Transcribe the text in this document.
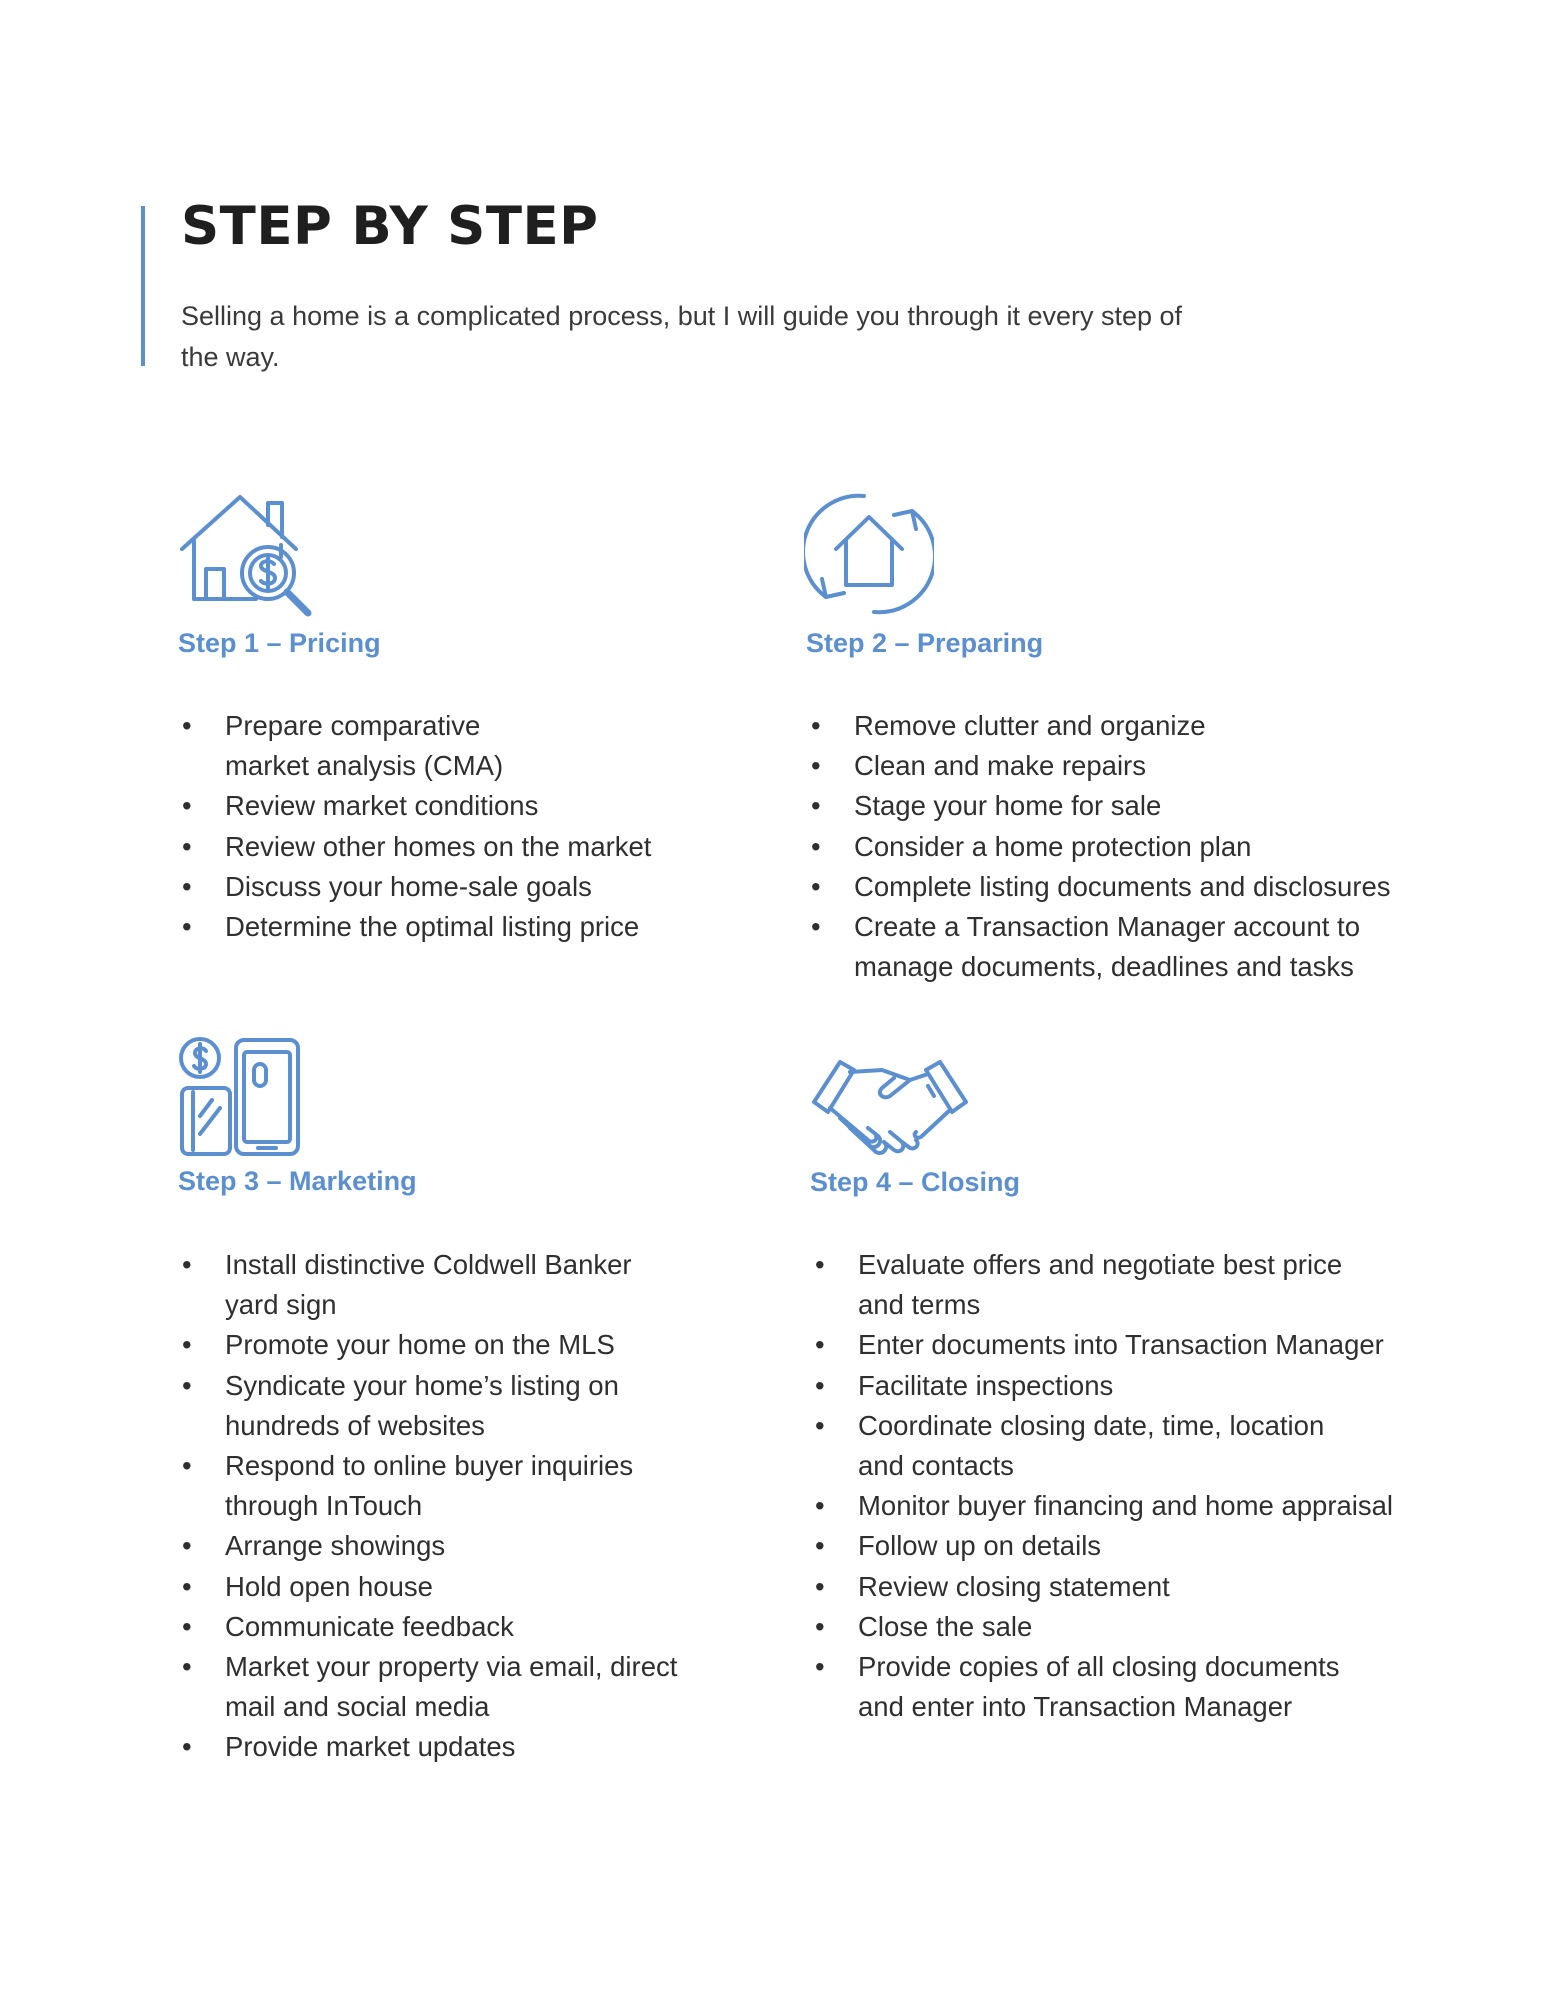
STEP BY STEP

Selling a home is a complicated process, but I will guide you through it every step of
the way.

Step 1 – Pricing
• Prepare comparative
market analysis (CMA)
• Review market conditions
• Review other homes on the market
• Discuss your home-sale goals
• Determine the optimal listing price
Step 2 – Preparing
• Remove clutter and organize
• Clean and make repairs
• Stage your home for sale
• Consider a home protection plan
• Complete listing documents and disclosures
• Create a Transaction Manager account to
manage documents, deadlines and tasks
Step 3 – Marketing
• Install distinctive Coldwell Banker
yard sign
• Promote your home on the MLS
• Syndicate your home’s listing on
hundreds of websites
• Respond to online buyer inquiries
through InTouch
• Arrange showings
• Hold open house
• Communicate feedback
• Market your property via email, direct
mail and social media
• Provide market updates
Step 4 – Closing
• Evaluate offers and negotiate best price
and terms
• Enter documents into Transaction Manager
• Facilitate inspections
• Coordinate closing date, time, location
and contacts
• Monitor buyer financing and home appraisal
• Follow up on details
• Review closing statement
• Close the sale
• Provide copies of all closing documents
and enter into Transaction Manager
